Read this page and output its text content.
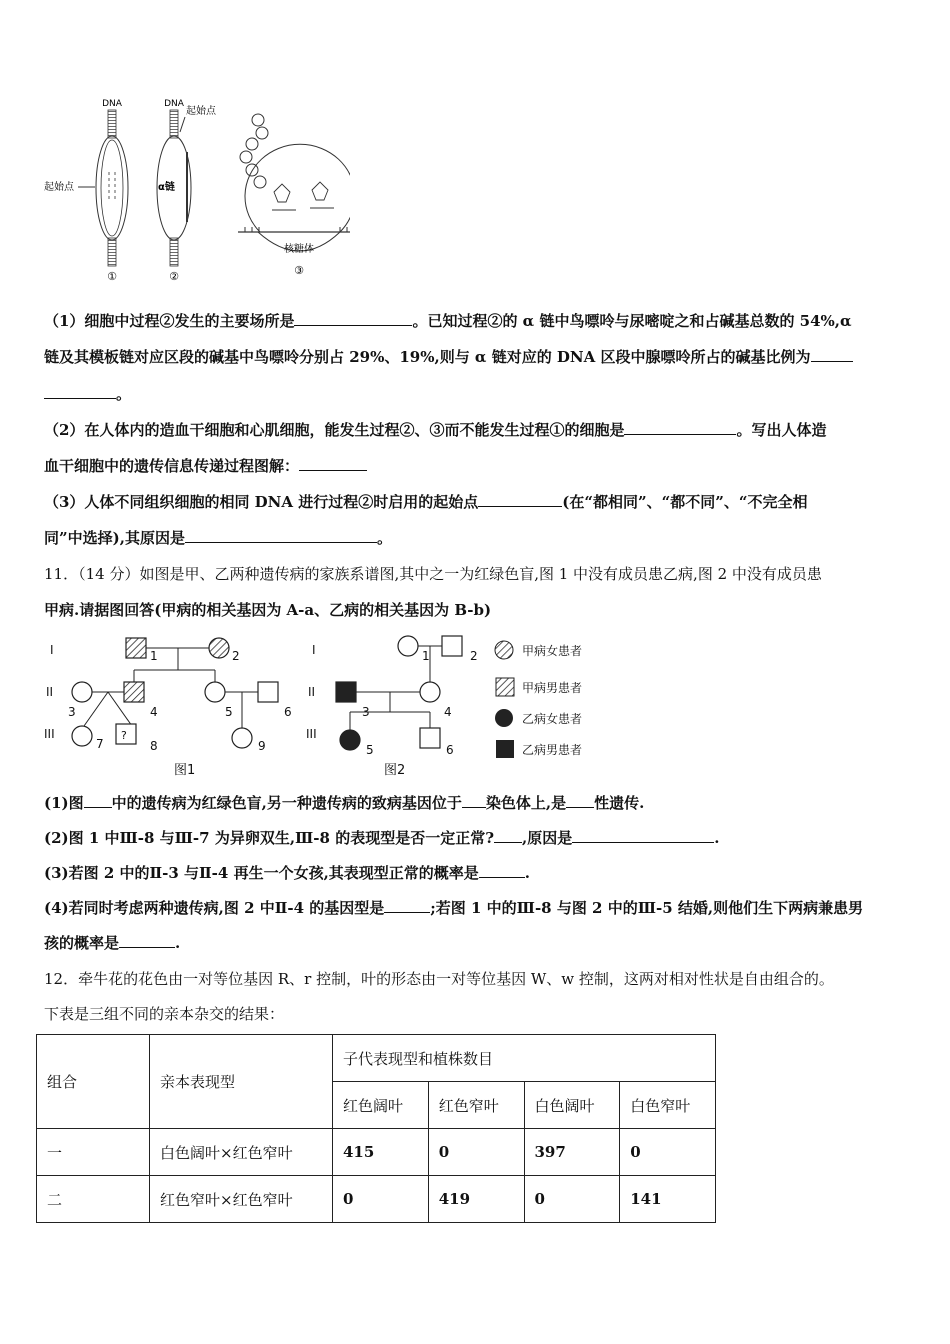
DNA
起始点
①
DNA
起始点
α链
②
核糖体
③
（1）细胞中过程②发生的主要场所是	。已知过程②的 α 链中鸟嘌呤与尿嘧啶之和占碱基总数的 54%,α
链及其模板链对应区段的碱基中鸟嘌呤分别占 29%、19%,则与 α 链对应的 DNA 区段中腺嘌呤所占的碱基比例为
。
（2）在人体内的造血干细胞和心肌细胞，能发生过程②、③而不能发生过程①的细胞是	。写出人体造
血干细胞中的遗传信息传递过程图解：
（3）人体不同组织细胞的相同 DNA 进行过程②时启用的起始点	(在“都相同”、“都不同”、“不完全相
同”中选择),其原因是	。
11．（14 分）如图是甲、乙两种遗传病的家族系谱图,其中之一为红绿色盲,图 1 中没有成员患乙病,图 2 中没有成员患
甲病.请据图回答(甲病的相关基因为 A-a、乙病的相关基因为 B-b)
I
II
III
1	2
3	4	5	6
?
7	8	9
图1
I
II
III
1	2
3	4
5	6
图2
甲病女患者
甲病男患者
乙病女患者
乙病男患者
(1)图 中的遗传病为红绿色盲,另一种遗传病的致病基因位于 染色体上,是 性遗传.
(2)图 1 中Ⅲ-8 与Ⅲ-7 为异卵双生,Ⅲ-8 的表现型是否一定正常? ,原因是	.
(3)若图 2 中的Ⅱ-3 与Ⅱ-4 再生一个女孩,其表现型正常的概率是	.
(4)若同时考虑两种遗传病,图 2 中Ⅱ-4 的基因型是	;若图 1 中的Ⅲ-8 与图 2 中的Ⅲ-5 结婚,则他们生下两病兼患男
孩的概率是	.
12．牵牛花的花色由一对等位基因 R、r 控制，叶的形态由一对等位基因 W、w 控制，这两对相对性状是自由组合的。
下表是三组不同的亲本杂交的结果：
组合	亲本表现型	子代表现型和植株数目			
		红色阔叶	红色窄叶	白色阔叶	白色窄叶
一	白色阔叶×红色窄叶	415	0	397	0
二	红色窄叶×红色窄叶	0	419	0	141
